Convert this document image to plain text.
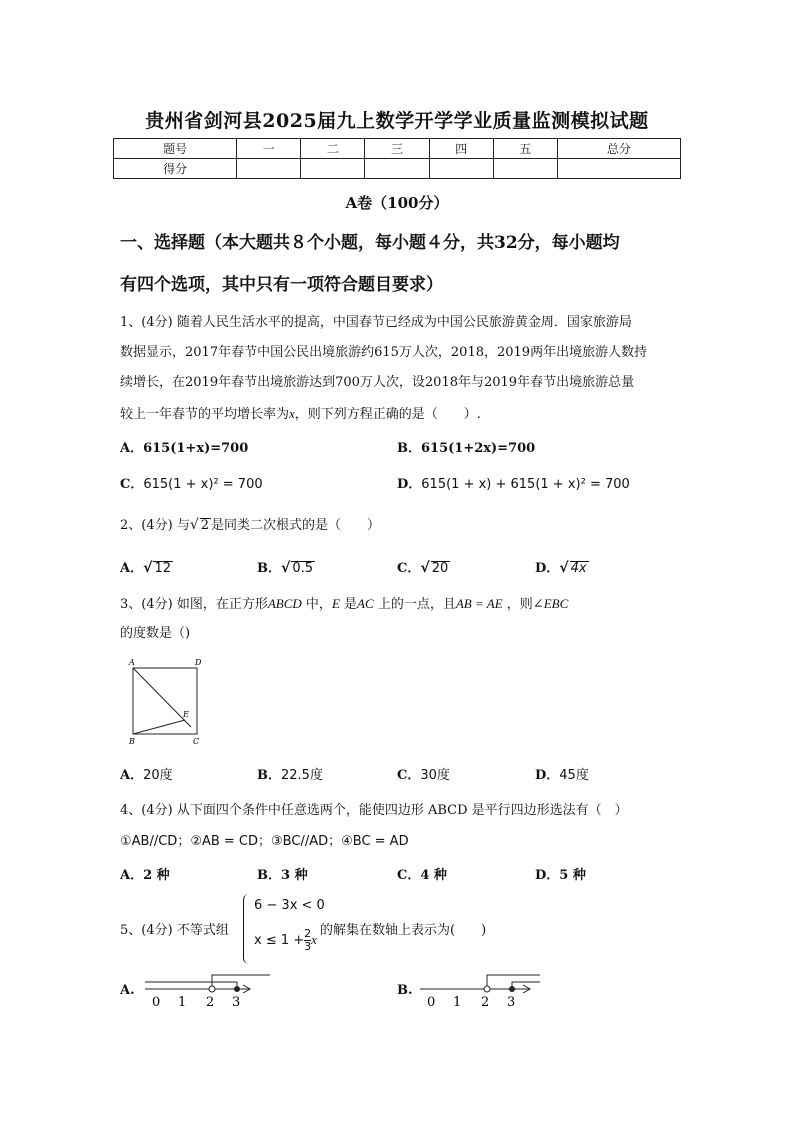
贵州省剑河县2025届九上数学开学学业质量监测模拟试题
题号	一	二	三	四	五	总分
得分						
A卷（100分）
一、选择题（本大题共８个小题，每小题４分，共32分，每小题均
有四个选项，其中只有一项符合题目要求）
1、(4分) 随着人民生活水平的提高，中国春节已经成为中国公民旅游黄金周．国家旅游局
数据显示，2017年春节中国公民出境旅游约615万人次，2018，2019两年出境旅游人数持
续增长，在2019年春节出境旅游达到700万人次，设2018年与2019年春节出境旅游总量
较上一年春节的平均增长率为x，则下列方程正确的是（　　）.
A．615(1+x)=700	B．615(1+2x)=700
C．615(1 + x)² = 700	D．615(1 + x) + 615(1 + x)² = 700
2、(4分) 与√ 2 是同类二次根式的是（　　）
A．√ 12	B．√ 0.5	C．√ 20	D．√ 4x
3、(4分) 如图，在正方形ABCD 中，E 是AC 上的一点，且AB = AE ，则∠EBC
的度数是（)
A	D
B	C
E
A．20度	B．22.5度	C．30度	D．45度
4、(4分) 从下面四个条件中任意选两个，能使四边形 ABCD 是平行四边形选法有（　）
①AB//CD；②AB = CD；③BC//AD；④BC = AD
A．2 种	B．3 种	C．4 种	D．5 种
5、(4分) 不等式组
6 − 3x < 0
$x \le 1 + \frac{2}{3}$ x
的解集在数轴上表示为(　　)
A.
0 1 2 3
B.
0 1 2 3
